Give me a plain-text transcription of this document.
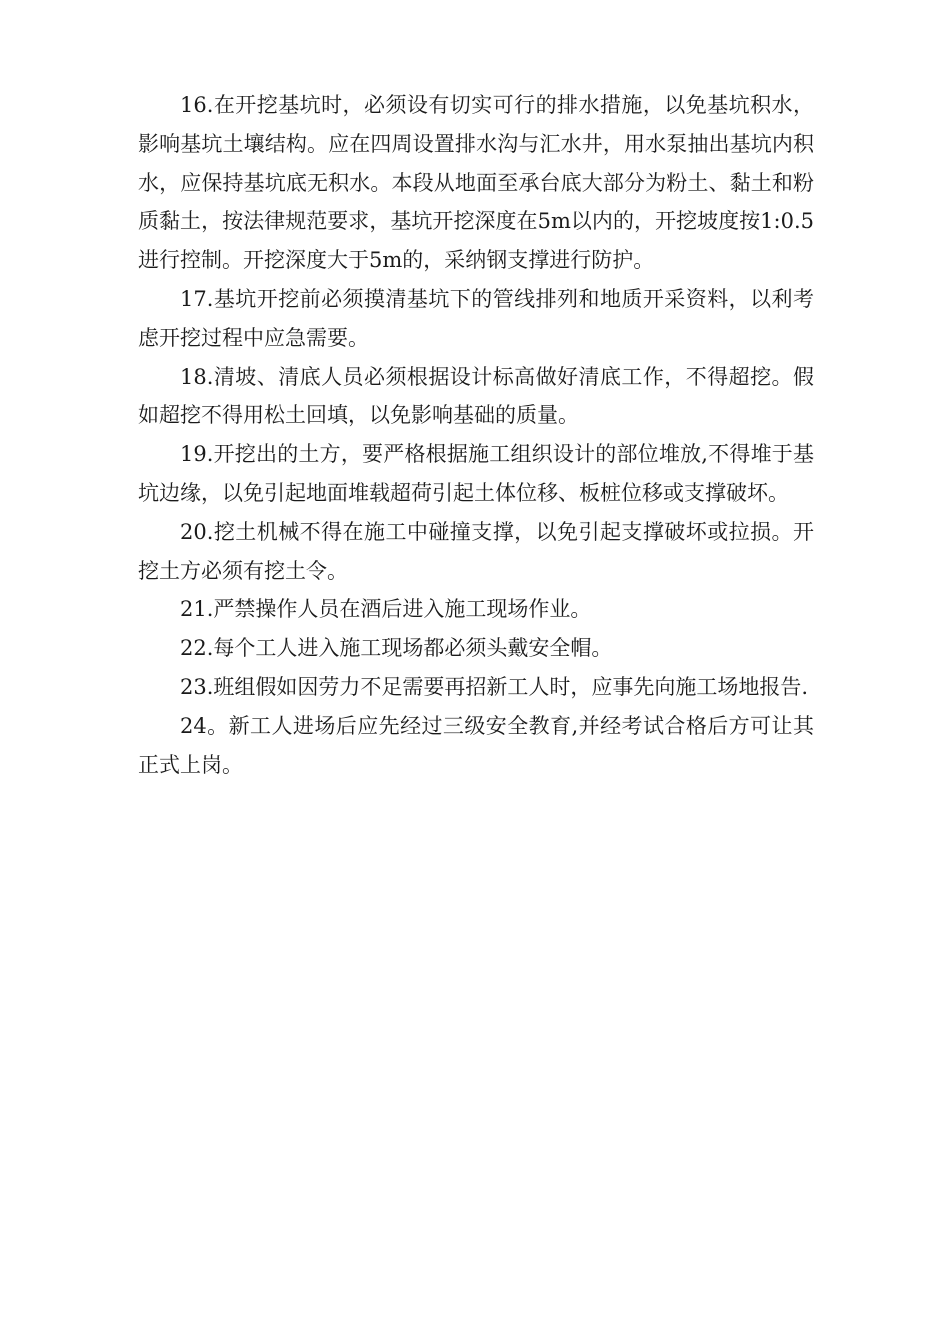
16.在开挖基坑时，必须设有切实可行的排水措施，以免基坑积水，影响基坑土壤结构。应在四周设置排水沟与汇水井，用水泵抽出基坑内积水，应保持基坑底无积水。本段从地面至承台底大部分为粉土、黏土和粉质黏土，按法律规范要求，基坑开挖深度在5m以内的，开挖坡度按1:0.5进行控制。开挖深度大于5m的，采纳钢支撑进行防护。

17.基坑开挖前必须摸清基坑下的管线排列和地质开采资料，以利考虑开挖过程中应急需要。

18.清坡、清底人员必须根据设计标高做好清底工作，不得超挖。假如超挖不得用松土回填，以免影响基础的质量。

19.开挖出的土方，要严格根据施工组织设计的部位堆放,不得堆于基坑边缘，以免引起地面堆载超荷引起土体位移、板桩位移或支撑破坏。

20.挖土机械不得在施工中碰撞支撑，以免引起支撑破坏或拉损。开挖土方必须有挖土令。

21.严禁操作人员在酒后进入施工现场作业。

22.每个工人进入施工现场都必须头戴安全帽。

23.班组假如因劳力不足需要再招新工人时，应事先向施工场地报告.

24。新工人进场后应先经过三级安全教育,并经考试合格后方可让其正式上岗。
